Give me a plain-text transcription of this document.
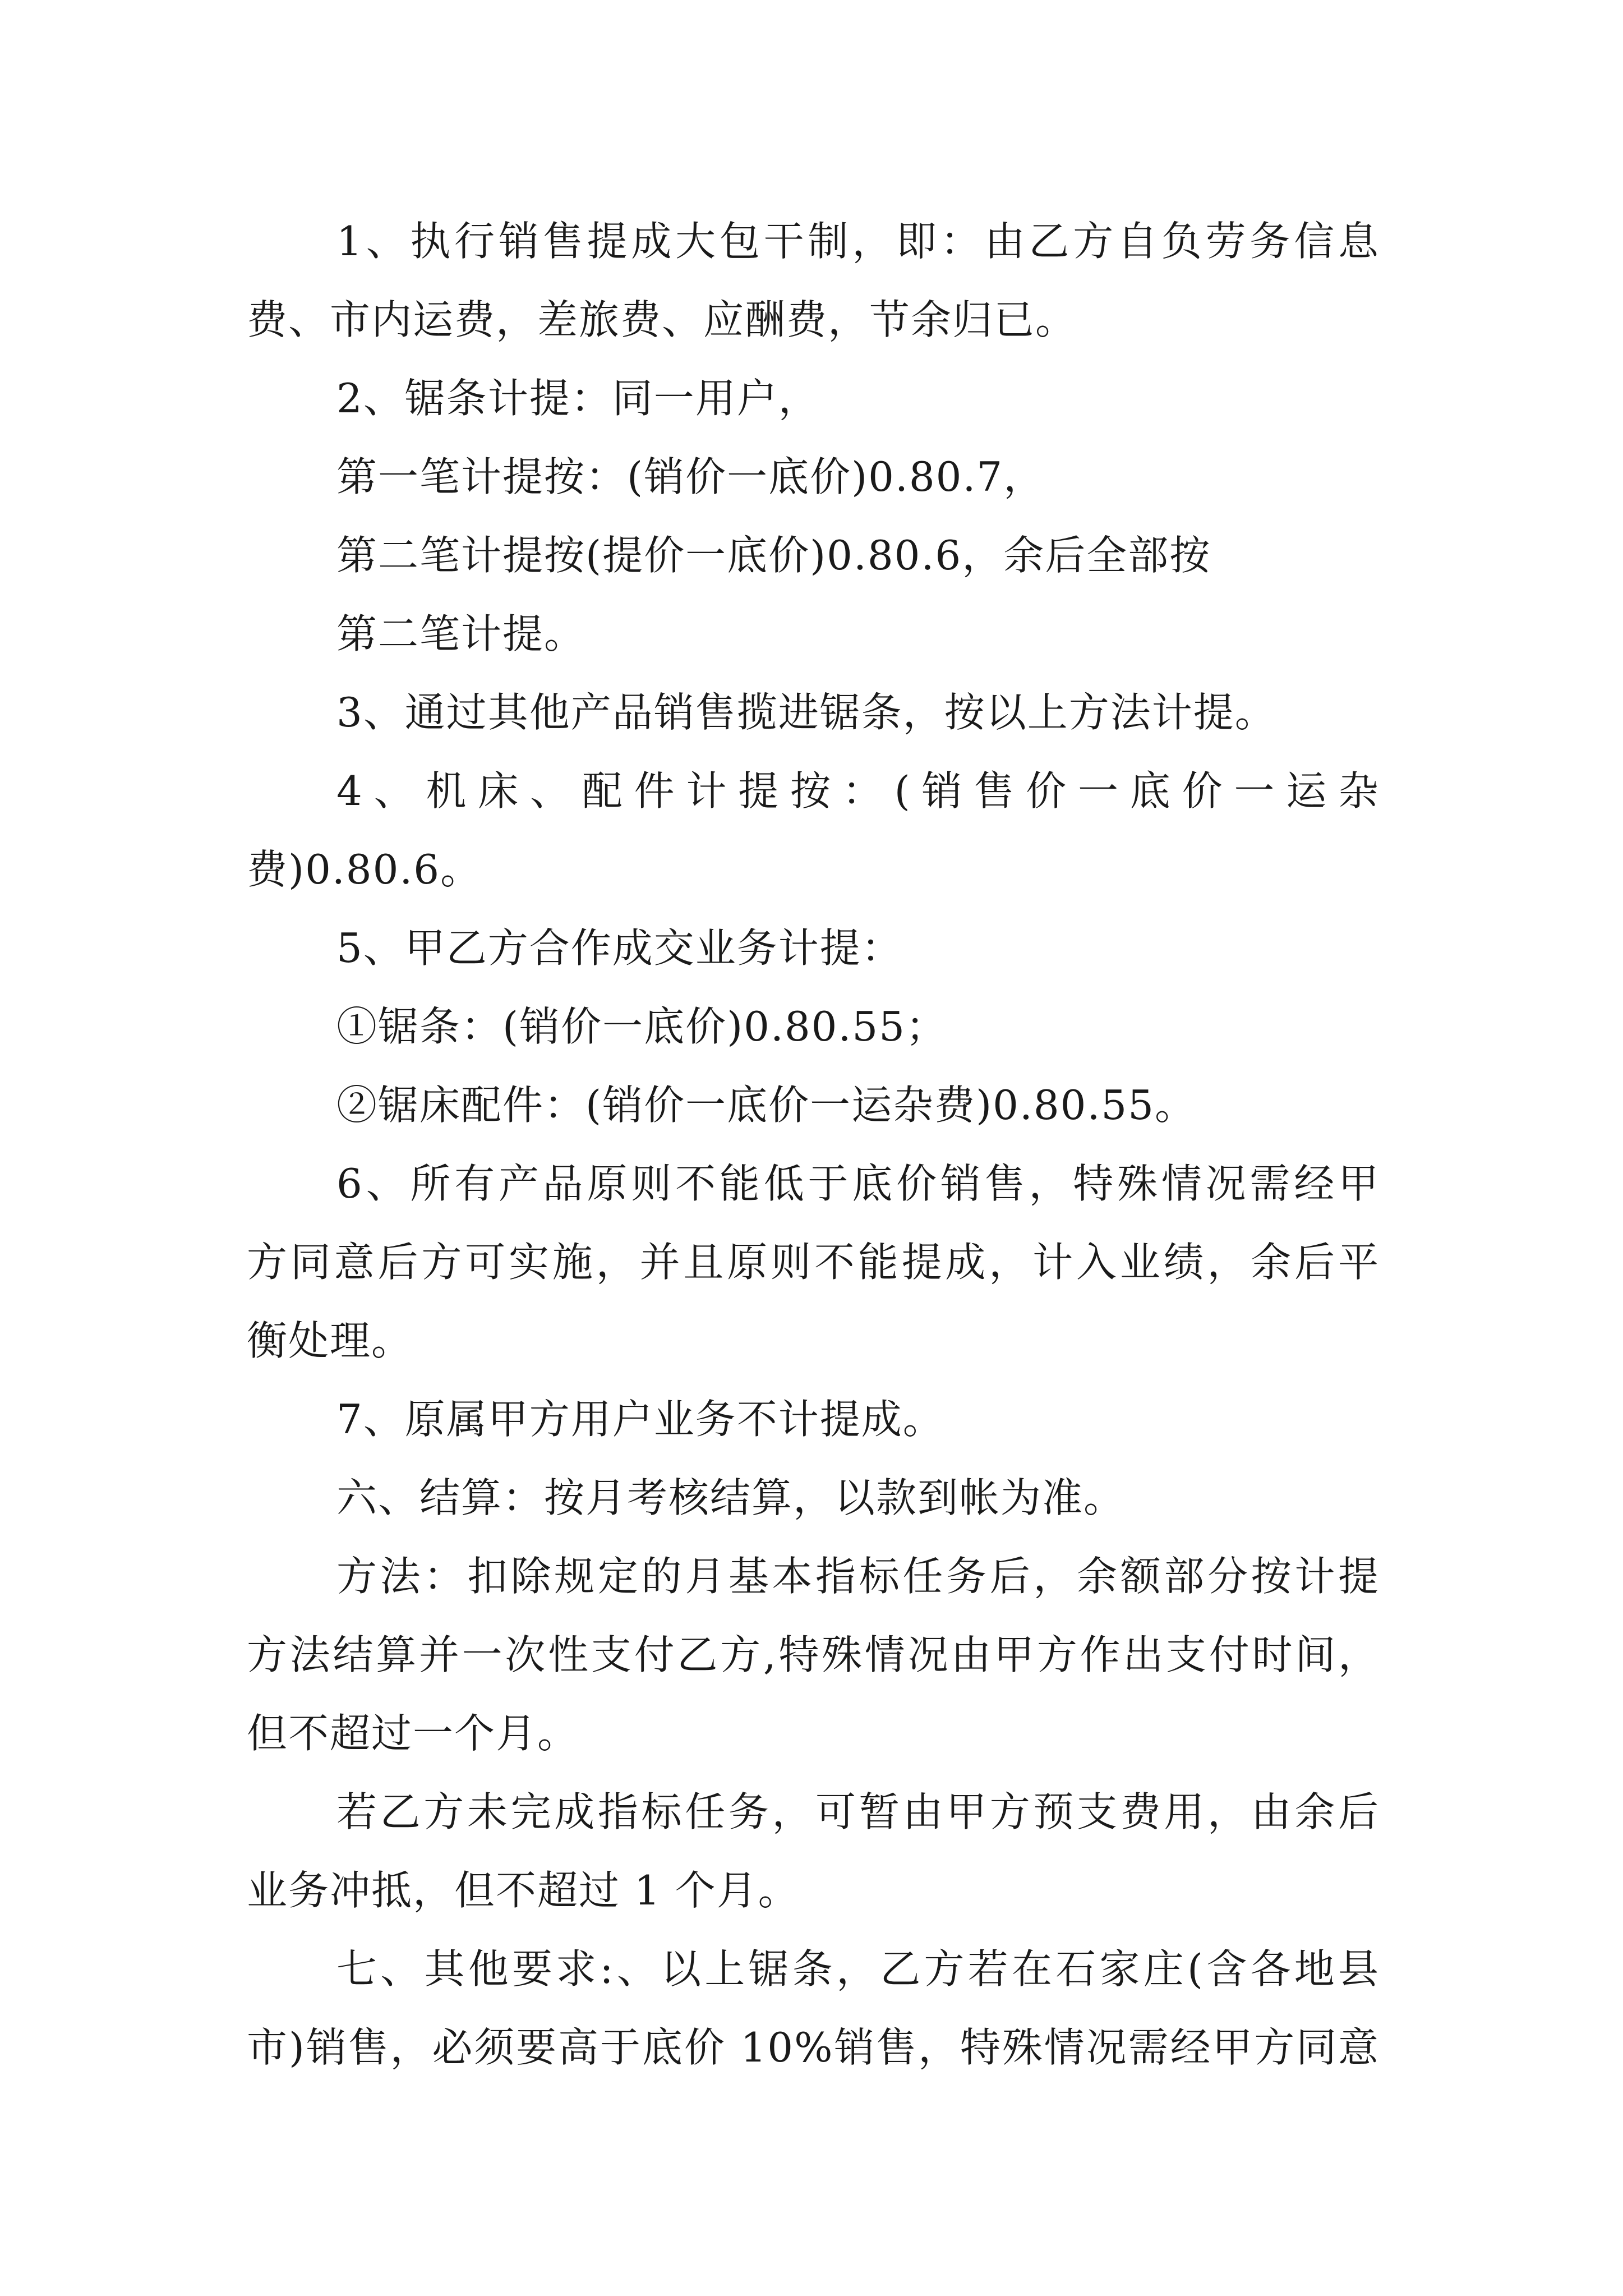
1、执行销售提成大包干制，即：由乙方自负劳务信息
费、市内运费，差旅费、应酬费，节余归已。
2、锯条计提：同一用户，
第一笔计提按：(销价一底价)0.80.7，
第二笔计提按(提价一底价)0.80.6，余后全部按
第二笔计提。
3、通过其他产品销售揽进锯条，按以上方法计提。
4、机床、配件计提按：(销售价一底价一运杂
费)0.80.6。
5、甲乙方合作成交业务计提：
①锯条：(销价一底价)0.80.55；
②锯床配件：(销价一底价一运杂费)0.80.55。
6、所有产品原则不能低于底价销售，特殊情况需经甲
方同意后方可实施，并且原则不能提成，计入业绩，余后平
衡处理。
7、原属甲方用户业务不计提成。
六、结算：按月考核结算，以款到帐为准。
方法：扣除规定的月基本指标任务后，余额部分按计提
方法结算并一次性支付乙方,特殊情况由甲方作出支付时间，
但不超过一个月。
若乙方未完成指标任务，可暂由甲方预支费用，由余后
业务冲抵，但不超过 1 个月。
七、其他要求:、以上锯条，乙方若在石家庄(含各地县
市)销售，必须要高于底价 10%销售，特殊情况需经甲方同意
